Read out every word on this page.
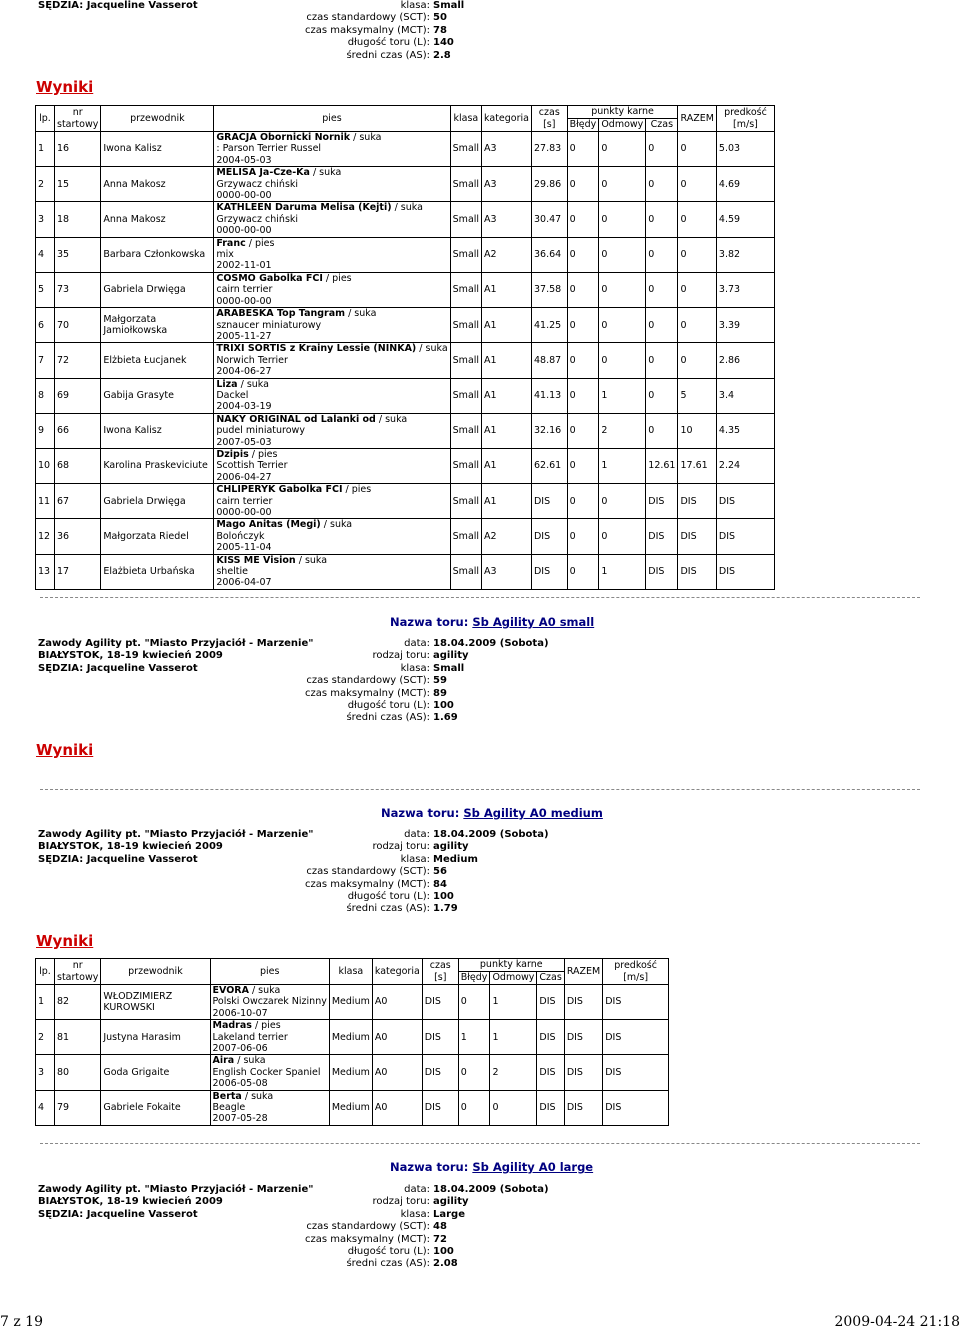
SĘDZIA: Jacqueline Vasserot	klasa: Small
czas standardowy (SCT): 50
czas maksymalny (MCT): 78
długość toru (L): 140
średni czas (AS): 2.8
Wyniki
lp.	nr
startowy	przewodnik	pies	klasa	kategoria	czas [s]	punkty karne			RAZEM	predkość [m/s]
							Błędy	Odmowy	Czas		
1	16	Iwona Kalisz	GRACJA Obornicki Nornik / suka
: Parson Terrier Russel
2004-05-03	Small	A3	27.83	0	0	0	0	5.03
2	15	Anna Makosz	MELISA Ja-Cze-Ka / suka
Grzywacz chiński
0000-00-00	Small	A3	29.86	0	0	0	0	4.69
3	18	Anna Makosz	KATHLEEN Daruma Melisa (Kejti) / suka
Grzywacz chiński
0000-00-00	Small	A3	30.47	0	0	0	0	4.59
4	35	Barbara Członkowska	Franc / pies
mix
2002-11-01	Small	A2	36.64	0	0	0	0	3.82
5	73	Gabriela Drwięga	COSMO Gabolka FCI / pies
cairn terrier
0000-00-00	Small	A1	37.58	0	0	0	0	3.73
6	70	Małgorzata Jamiołkowska	ARABESKA Top Tangram / suka
sznaucer miniaturowy
2005-11-27	Small	A1	41.25	0	0	0	0	3.39
7	72	Elżbieta Łucjanek	TRIXI SORTIS z Krainy Lessie (NINKA) / suka
Norwich Terrier
2004-06-27	Small	A1	48.87	0	0	0	0	2.86
8	69	Gabija Grasyte	Liza / suka
Dackel
2004-03-19	Small	A1	41.13	0	1	0	5	3.4
9	66	Iwona Kalisz	NAKY ORIGINAL od Lalanki od / suka
pudel miniaturowy
2007-05-03	Small	A1	32.16	0	2	0	10	4.35
10	68	Karolina Praskeviciute	Dzipis / pies
Scottish Terrier
2006-04-27	Small	A1	62.61	0	1	12.61	17.61	2.24
11	67	Gabriela Drwięga	CHLIPERYK Gabolka FCI / pies
cairn terrier
0000-00-00	Small	A1	DIS	0	0	DIS	DIS	DIS
12	36	Małgorzata Riedel	Mago Anitas (Megi) / suka
Bolończyk
2005-11-04	Small	A2	DIS	0	0	DIS	DIS	DIS
13	17	Elażbieta Urbańska	KISS ME Vision / suka
sheltie
2006-04-07	Small	A3	DIS	0	1	DIS	DIS	DIS
Nazwa toru: Sb Agility A0 small
Zawody Agility pt. "Miasto Przyjaciół - Marzenie"
BIAŁYSTOK, 18-19 kwiecień 2009
SĘDZIA: Jacqueline Vasserot
data: 18.04.2009 (Sobota)
rodzaj toru: agility
klasa: Small
czas standardowy (SCT): 59
czas maksymalny (MCT): 89
długość toru (L): 100
średni czas (AS): 1.69
Wyniki
Nazwa toru: Sb Agility A0 medium
Zawody Agility pt. "Miasto Przyjaciół - Marzenie"
BIAŁYSTOK, 18-19 kwiecień 2009
SĘDZIA: Jacqueline Vasserot
data: 18.04.2009 (Sobota)
rodzaj toru: agility
klasa: Medium
czas standardowy (SCT): 56
czas maksymalny (MCT): 84
długość toru (L): 100
średni czas (AS): 1.79
Wyniki
lp.	nr
startowy	przewodnik	pies	klasa	kategoria	czas [s]	punkty karne			RAZEM	predkość [m/s]
							Błędy	Odmowy	Czas		
1	82	WŁODZIMIERZ KUROWSKI	EVORA / suka
Polski Owczarek Nizinny
2006-10-07	Medium	A0	DIS	0	1	DIS	DIS	DIS
2	81	Justyna Harasim	Madras / pies
Lakeland terrier
2007-06-06	Medium	A0	DIS	1	1	DIS	DIS	DIS
3	80	Goda Grigaite	Aira / suka
English Cocker Spaniel
2006-05-08	Medium	A0	DIS	0	2	DIS	DIS	DIS
4	79	Gabriele Fokaite	Berta / suka
Beagle
2007-05-28	Medium	A0	DIS	0	0	DIS	DIS	DIS
Nazwa toru: Sb Agility A0 large
Zawody Agility pt. "Miasto Przyjaciół - Marzenie"
BIAŁYSTOK, 18-19 kwiecień 2009
SĘDZIA: Jacqueline Vasserot
data: 18.04.2009 (Sobota)
rodzaj toru: agility
klasa: Large
czas standardowy (SCT): 48
czas maksymalny (MCT): 72
długość toru (L): 100
średni czas (AS): 2.08
7 z 19	2009-04-24 21:18
